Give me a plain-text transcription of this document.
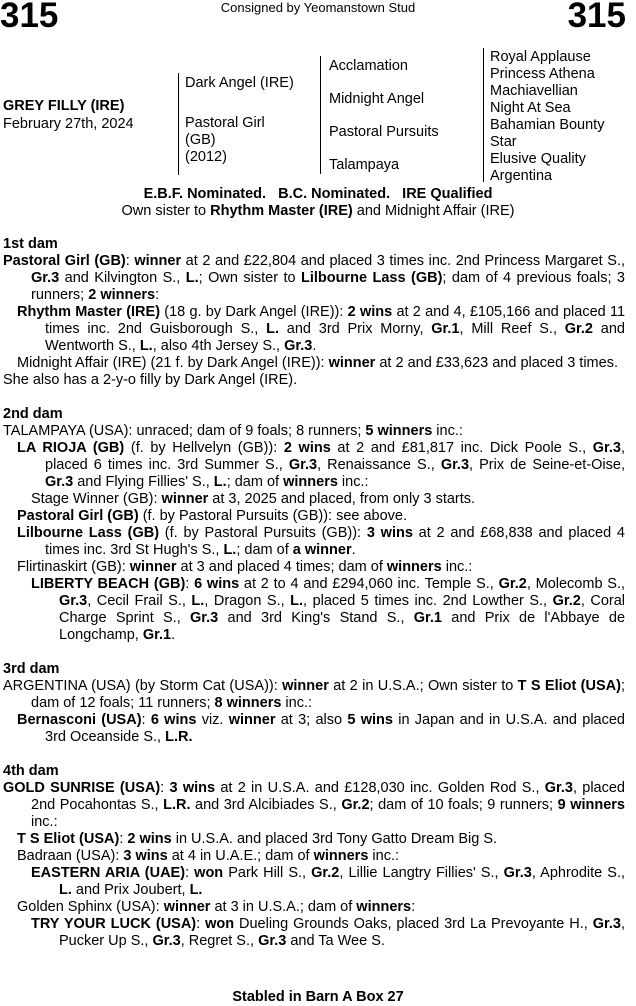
315	Consigned by Yeomanstown Stud	315
GREY FILLY (IRE)
February 27th, 2024
Dark Angel (IRE)
Pastoral Girl
(GB)
(2012)
Acclamation
Midnight Angel
Pastoral Pursuits
Talampaya
Royal Applause
Princess Athena
Machiavellian
Night At Sea
Bahamian Bounty
Star
Elusive Quality
Argentina
E.B.F. Nominated.   B.C. Nominated.   IRE Qualified
Own sister to Rhythm Master (IRE) and Midnight Affair (IRE)
1st dam
Pastoral Girl (GB): winner at 2 and £22,804 and placed 3 times inc. 2nd Princess Margaret S., Gr.3 and Kilvington S., L.; Own sister to Lilbourne Lass (GB); dam of 4 previous foals; 3 runners; 2 winners:
Rhythm Master (IRE) (18 g. by Dark Angel (IRE)): 2 wins at 2 and 4, £105,166 and placed 11 times inc. 2nd Guisborough S., L. and 3rd Prix Morny, Gr.1, Mill Reef S., Gr.2 and Wentworth S., L., also 4th Jersey S., Gr.3.
Midnight Affair (IRE) (21 f. by Dark Angel (IRE)): winner at 2 and £33,623 and placed 3 times.
She also has a 2-y-o filly by Dark Angel (IRE).
2nd dam
TALAMPAYA (USA): unraced; dam of 9 foals; 8 runners; 5 winners inc.:
LA RIOJA (GB) (f. by Hellvelyn (GB)): 2 wins at 2 and £81,817 inc. Dick Poole S., Gr.3, placed 6 times inc. 3rd Summer S., Gr.3, Renaissance S., Gr.3, Prix de Seine-et-Oise, Gr.3 and Flying Fillies' S., L.; dam of winners inc.:
Stage Winner (GB): winner at 3, 2025 and placed, from only 3 starts.
Pastoral Girl (GB) (f. by Pastoral Pursuits (GB)): see above.
Lilbourne Lass (GB) (f. by Pastoral Pursuits (GB)): 3 wins at 2 and £68,838 and placed 4 times inc. 3rd St Hugh's S., L.; dam of a winner.
Flirtinaskirt (GB): winner at 3 and placed 4 times; dam of winners inc.:
LIBERTY BEACH (GB): 6 wins at 2 to 4 and £294,060 inc. Temple S., Gr.2, Molecomb S., Gr.3, Cecil Frail S., L., Dragon S., L., placed 5 times inc. 2nd Lowther S., Gr.2, Coral Charge Sprint S., Gr.3 and 3rd King's Stand S., Gr.1 and Prix de l'Abbaye de Longchamp, Gr.1.
3rd dam
ARGENTINA (USA) (by Storm Cat (USA)): winner at 2 in U.S.A.; Own sister to T S Eliot (USA); dam of 12 foals; 11 runners; 8 winners inc.:
Bernasconi (USA): 6 wins viz. winner at 3; also 5 wins in Japan and in U.S.A. and placed 3rd Oceanside S., L.R.
4th dam
GOLD SUNRISE (USA): 3 wins at 2 in U.S.A. and £128,030 inc. Golden Rod S., Gr.3, placed 2nd Pocahontas S., L.R. and 3rd Alcibiades S., Gr.2; dam of 10 foals; 9 runners; 9 winners inc.:
T S Eliot (USA): 2 wins in U.S.A. and placed 3rd Tony Gatto Dream Big S.
Badraan (USA): 3 wins at 4 in U.A.E.; dam of winners inc.:
EASTERN ARIA (UAE): won Park Hill S., Gr.2, Lillie Langtry Fillies' S., Gr.3, Aphrodite S., L. and Prix Joubert, L.
Golden Sphinx (USA): winner at 3 in U.S.A.; dam of winners:
TRY YOUR LUCK (USA): won Dueling Grounds Oaks, placed 3rd La Prevoyante H., Gr.3, Pucker Up S., Gr.3, Regret S., Gr.3 and Ta Wee S.
Stabled in Barn A Box 27
